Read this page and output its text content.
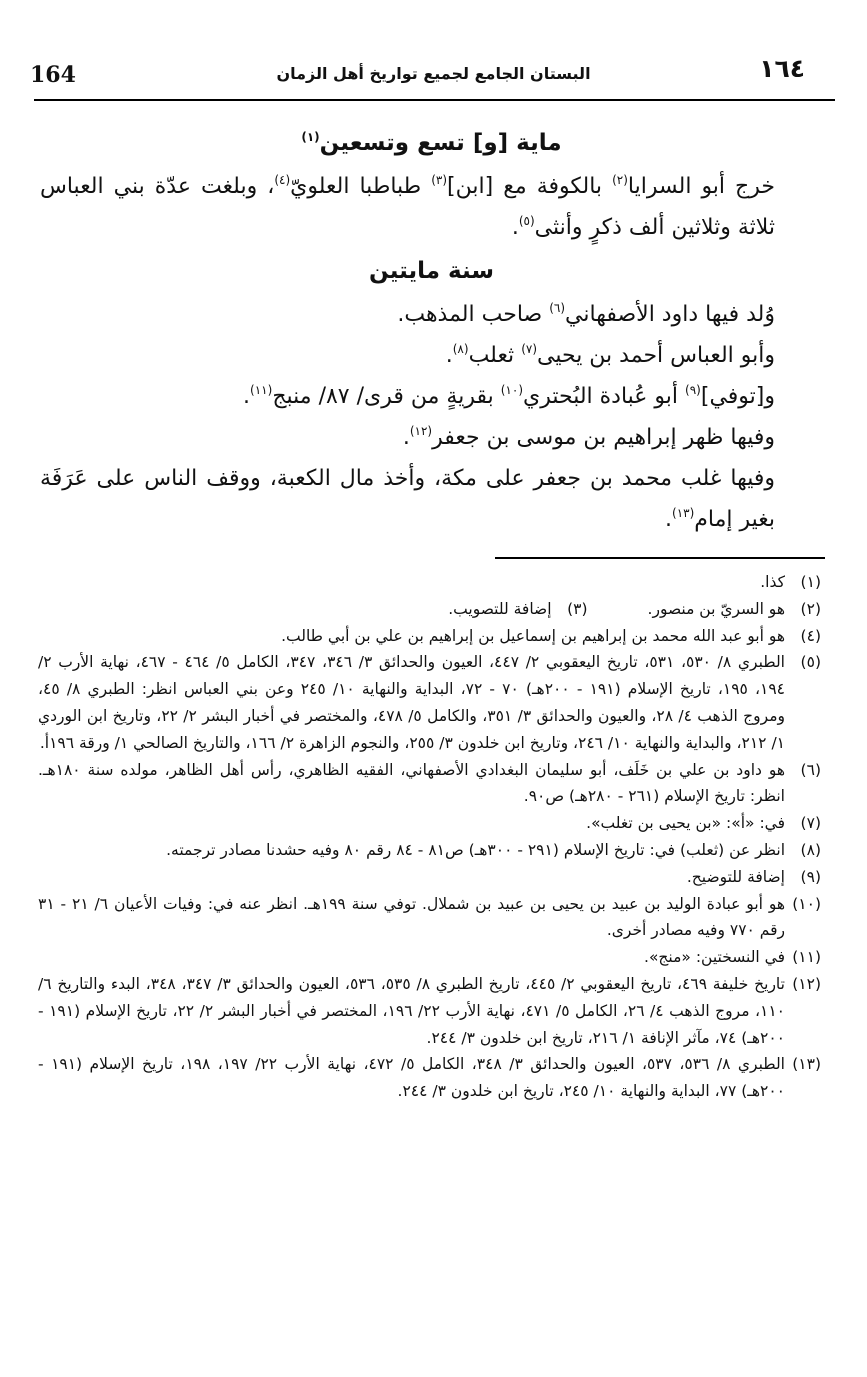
164	البستان الجامع لجميع تواريخ أهل الزمان	١٦٤
ماية [و] تسع وتسعين$^{(١)}$

خرج أبو السرايا$^{(٢)}$ بالكوفة مع [ابن]$^{(٣)}$ طباطبا العلويّ$^{(٤)}$، وبلغت عدّة بني العباس ثلاثة وثلاثين ألف ذكرٍ وأنثى$^{(٥)}$.

سنة مايتين

وُلد فيها داود الأصفهاني$^{(٦)}$ صاحب المذهب.

وأبو العباس أحمد بن يحيى$^{(٧)}$ ثعلب$^{(٨)}$.

و[توفي]$^{(٩)}$ أبو عُبادة البُحتري$^{(١٠)}$ بقريةٍ من قرى/ ٨٧/ منبج$^{(١١)}$.

وفيها ظهر إبراهيم بن موسى بن جعفر$^{(١٢)}$.

وفيها غلب محمد بن جعفر على مكة، وأخذ مال الكعبة، ووقف الناس على عَرَفَة بغير إمام$^{(١٣)}$.

(١)
كذا.
(٢)
هو السريّ بن منصور.
(٣)
إضافة للتصويب.
(٤)
هو أبو عبد الله محمد بن إبراهيم بن إسماعيل بن إبراهيم بن علي بن أبي طالب.
(٥)
الطبري ٨/ ٥٣٠، ٥٣١، تاريخ اليعقوبي ٢/ ٤٤٧، العيون والحدائق ٣/ ٣٤٦، ٣٤٧، الكامل ٥/ ٤٦٤ - ٤٦٧، نهاية الأرب ٢/ ١٩٤، ١٩٥، تاريخ الإسلام (١٩١ - ٢٠٠هـ) ٧٠ - ٧٢، البداية والنهاية ١٠/ ٢٤٥ وعن بني العباس انظر: الطبري ٨/ ٤٥، ومروج الذهب ٤/ ٢٨، والعيون والحدائق ٣/ ٣٥١، والكامل ٥/ ٤٧٨، والمختصر في أخبار البشر ٢/ ٢٢، وتاريخ ابن الوردي ١/ ٢١٢، والبداية والنهاية ١٠/ ٢٤٦، وتاريخ ابن خلدون ٣/ ٢٥٥، والنجوم الزاهرة ٢/ ١٦٦، والتاريخ الصالحي ١/ ورقة ١٩٦أ.
(٦)
هو داود بن علي بن خَلَف، أبو سليمان البغدادي الأصفهاني، الفقيه الظاهري، رأس أهل الظاهر، مولده سنة ١٨٠هـ. انظر: تاريخ الإسلام (٢٦١ - ٢٨٠هـ) ص٩٠.
(٧)
في: «أ»: «بن يحيى بن تغلب».
(٨)
انظر عن (ثعلب) في: تاريخ الإسلام (٢٩١ - ٣٠٠هـ) ص٨١ - ٨٤ رقم ٨٠ وفيه حشدنا مصادر ترجمته.
(٩)
إضافة للتوضيح.
(١٠)
هو أبو عبادة الوليد بن عبيد بن يحيى بن عبيد بن شملال. توفي سنة ١٩٩هـ. انظر عنه في: وفيات الأعيان ٦/ ٢١ - ٣١ رقم ٧٧٠ وفيه مصادر أخرى.
(١١)
في النسختين: «منج».
(١٢)
تاريخ خليفة ٤٦٩، تاريخ اليعقوبي ٢/ ٤٤٥، تاريخ الطبري ٨/ ٥٣٥، ٥٣٦، العيون والحدائق ٣/ ٣٤٧، ٣٤٨، البدء والتاريخ ٦/ ١١٠، مروج الذهب ٤/ ٢٦، الكامل ٥/ ٤٧١، نهاية الأرب ٢٢/ ١٩٦، المختصر في أخبار البشر ٢/ ٢٢، تاريخ الإسلام (١٩١ - ٢٠٠هـ) ٧٤، مآثر الإنافة ١/ ٢١٦، تاريخ ابن خلدون ٣/ ٢٤٤.
(١٣)
الطبري ٨/ ٥٣٦، ٥٣٧، العيون والحدائق ٣/ ٣٤٨، الكامل ٥/ ٤٧٢، نهاية الأرب ٢٢/ ١٩٧، ١٩٨، تاريخ الإسلام (١٩١ - ٢٠٠هـ) ٧٧، البداية والنهاية ١٠/ ٢٤٥، تاريخ ابن خلدون ٣/ ٢٤٤.
